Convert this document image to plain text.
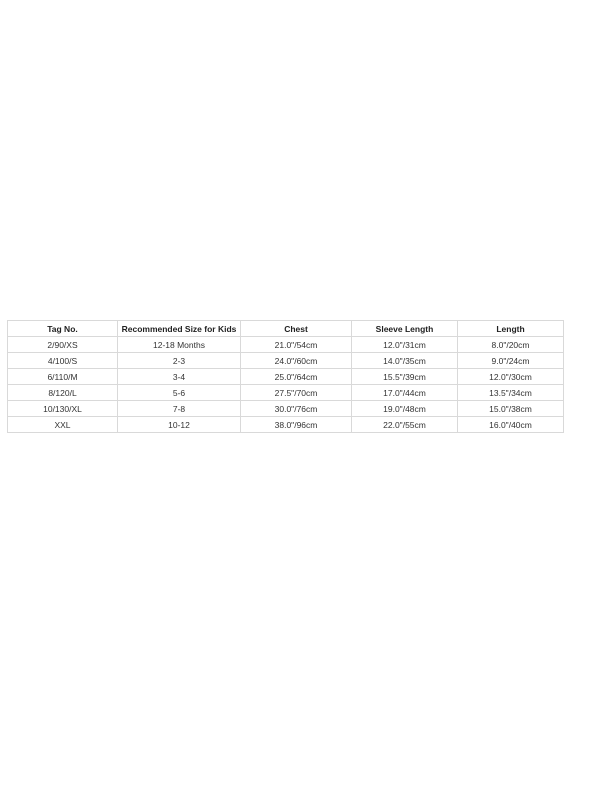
Tag No.	Recommended Size for Kids	Chest	Sleeve Length	Length
2/90/XS	12-18 Months	21.0"/54cm	12.0"/31cm	8.0"/20cm
4/100/S	2-3	24.0"/60cm	14.0"/35cm	9.0"/24cm
6/110/M	3-4	25.0"/64cm	15.5"/39cm	12.0"/30cm
8/120/L	5-6	27.5"/70cm	17.0"/44cm	13.5"/34cm
10/130/XL	7-8	30.0"/76cm	19.0"/48cm	15.0"/38cm
XXL	10-12	38.0"/96cm	22.0"/55cm	16.0"/40cm
